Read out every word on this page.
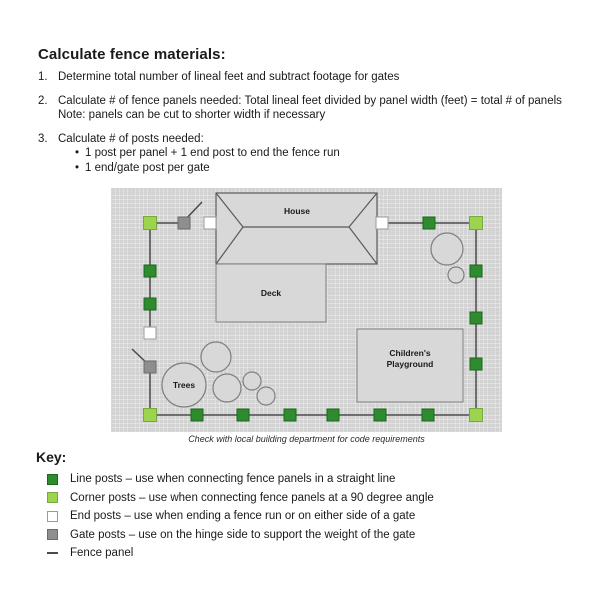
Calculate fence materials:
1. Determine total number of lineal feet and subtract footage for gates
2. Calculate # of fence panels needed: Total lineal feet divided by panel width (feet) = total # of panels
Note: panels can be cut to shorter width if necessary
3. Calculate # of posts needed:
• 1 post per panel + 1 end post to end the fence run
• 1 end/gate post per gate
House
Deck
Children's
Playground
Trees
Check with local building department for code requirements
Key:
Line posts – use when connecting fence panels in a straight line
Corner posts – use when connecting fence panels at a 90 degree angle
End posts – use when ending a fence run or on either side of a gate
Gate posts – use on the hinge side to support the weight of the gate
Fence panel
